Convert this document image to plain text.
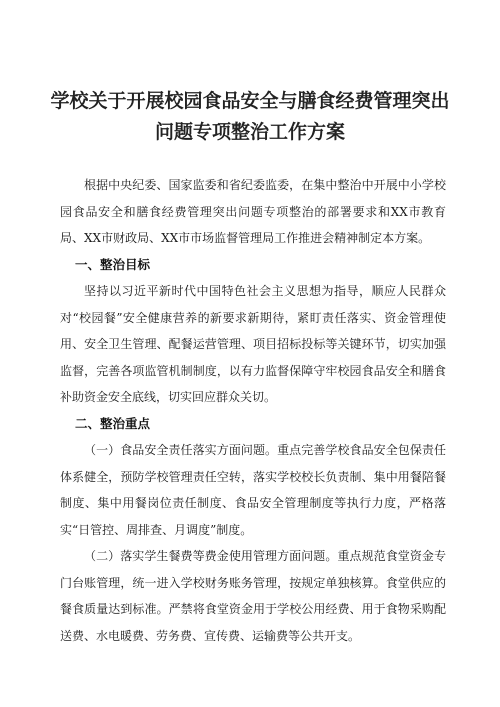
学校关于开展校园食品安全与膳食经费管理突出
问题专项整治工作方案

根据中央纪委、国家监委和省纪委监委，在集中整治中开展中小学校园食品安全和膳食经费管理突出问题专项整治的部署要求和XX市教育局、XX市财政局、XX市市场监督管理局工作推进会精神制定本方案。

一、整治目标

坚持以习近平新时代中国特色社会主义思想为指导，顺应人民群众对“校园餐”安全健康营养的新要求新期待，紧盯责任落实、资金管理使用、安全卫生管理、配餐运营管理、项目招标投标等关键环节，切实加强监督，完善各项监管机制制度，以有力监督保障守牢校园食品安全和膳食补助资金安全底线，切实回应群众关切。

二、整治重点

（一）食品安全责任落实方面问题。重点完善学校食品安全包保责任体系健全，预防学校管理责任空转，落实学校校长负责制、集中用餐陪餐制度、集中用餐岗位责任制度、食品安全管理制度等执行力度，严格落实“日管控、周排查、月调度”制度。

（二）落实学生餐费等费金使用管理方面问题。重点规范食堂资金专门台账管理，统一进入学校财务账务管理，按规定单独核算。食堂供应的餐食质量达到标准。严禁将食堂资金用于学校公用经费、用于食物采购配送费、水电暖费、劳务费、宣传费、运输费等公共开支。
